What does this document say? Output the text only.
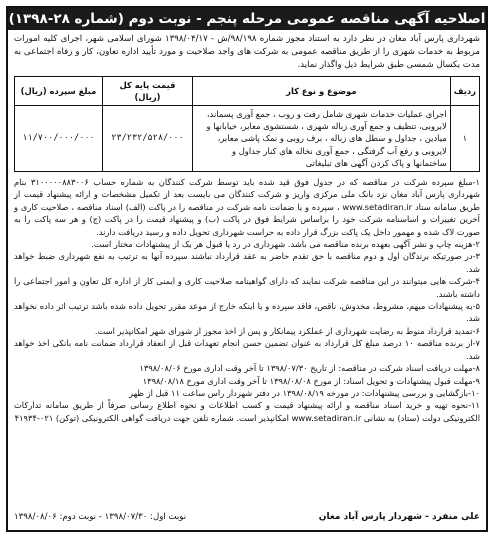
اصلاحیه آگهی مناقصه عمومی مرحله پنجم - نوبت دوم (شماره ۲۸-۱۳۹۸)
شهرداری پارس آباد مغان در نظر دارد به استناد مجوز شماره ۹۸/۱۹۸/ش - ۱۳۹۸/۰۴/۱۷ شورای اسلامی شهر، اجرای کلیه امورات مربوط به خدمات شهری را از طریق مناقصه عمومی به شرکت های واجد صلاحیت و مورد تأیید اداره تعاون، کار و رفاه اجتماعی به مدت یکسال شمسی طبق شرایط ذیل واگذار نماید.
ردیف	موضوع و نوع کار	قیمت پایه کل (ریال)	مبلغ سپرده (ریال)
۱	اجرای عملیات خدمات شهری شامل رفت و روب ، جمع آوری پسماند، لایروبی، تنظیف و جمع آوری زباله شهری ، شستشوی معابر، خیابانها و میادین ، جداول و سطل های زباله ، برف روبی و نمک پاشی معابر، لایروبی و رفع آب گرفتگی ، جمع آوری نخاله های کنار جداول و ساختمانها و پاک کردن آگهی های تبلیغاتی	۲۳/۲۳۲/۵۲۸/۰۰۰	۱۱/۷۰۰/۰۰۰/۰۰۰
۱-مبلغ سپرده شرکت در مناقصه که در جدول فوق قید شده باید توسط شرکت کنندگان به شماره حساب ۳۱۰۰۰۰۰۸۸۳۰۰۶ بنام شهرداری پارس آباد مغان نزد بانک ملی مرکزی واریز و شرکت کنندگان می بایست بعد از تکمیل مشخصات و ارائه پیشنهاد قیمت از طریق سامانه ستاد www.setadiran.ir ، سپرده و یا ضمانت نامه شرکت در مناقصه را در پاکت (الف) اسناد مناقصه ، صلاحیت کاری و آخرین تغییرات و اساسنامه شرکت خود را براساس شرایط فوق در پاکت (ب) و پیشنهاد قیمت را در پاکت (ج) و هر سه پاکت را به صورت لاک شده و مهمور داخل یک پاکت بزرگ قرار داده به حراست شهرداری تحویل داده و رسید دریافت دارند.
۲-هزینه چاپ و نشر آگهی بعهده برنده مناقصه می باشد. شهرداری در رد یا قبول هر یک از پیشنهادات مختار است.
۳-در صورتیکه برندگان اول و دوم مناقصه با حق تقدم حاضر به عقد قرارداد نباشند سپرده آنها به ترتیب به نفع شهرداری ضبط خواهد شد.
۴-شرکت هایی میتوانند در این مناقصه شرکت نمایند که دارای گواهینامه صلاحیت کاری و ایمنی کار از اداره کل تعاون و امور اجتماعی را داشته باشند.
۵-به پیشنهادات مبهم، مشروط، مخدوش، ناقص، فاقد سپرده و یا اینکه خارج از موعد مقرر تحویل داده شده باشد ترتیب اثر داده نخواهد شد.
۶-تمدید قرارداد منوط به رضایت شهرداری از عملکرد پیمانکار و پس از اخذ مجوز از شورای شهر امکانپذیر است.
۷-از برنده مناقصه ۱۰ درصد مبلغ کل قرارداد به عنوان تضمین حسن انجام تعهدات قبل از انعقاد قرارداد ضمانت نامه بانکی اخذ خواهد شد.
۸-مهلت دریافت اسناد شرکت در مناقصه: از تاریخ ۱۳۹۸/۰۷/۳۰ تا آخر وقت اداری مورخ ۱۳۹۸/۰۸/۰۶
۹-مهلت قبول پیشنهادات و تحویل اسناد: از مورخ ۱۳۹۸/۰۸/۰۸ تا آخر وقت اداری مورخ ۱۳۹۸/۰۸/۱۸
۱۰-بازگشایی و بررسی پیشنهادات: در مورخه ۱۳۹۸/۰۸/۱۹ در دفتر شهردار راس ساعت ۱۱ قبل از ظهر
۱۱-نحوه تهیه و خرید اسناد مناقصه و ارائه پیشنهاد قیمت و کسب اطلاعات و نحوه اطلاع رسانی صرفاً از طریق سامانه تدارکات الکترونیکی دولت (ستاد) به نشانی www.setadiran.ir امکانپذیر است. شماره تلفن جهت دریافت گواهی الکترونیکی (توکن) ۰۲۱-۴۱۹۳۴
علی منفرد - شهردار پارس آباد مغان
نوبت اول: ۱۳۹۸/۰۷/۳۰ - نوبت دوم: ۱۳۹۸/۰۸/۰۶
